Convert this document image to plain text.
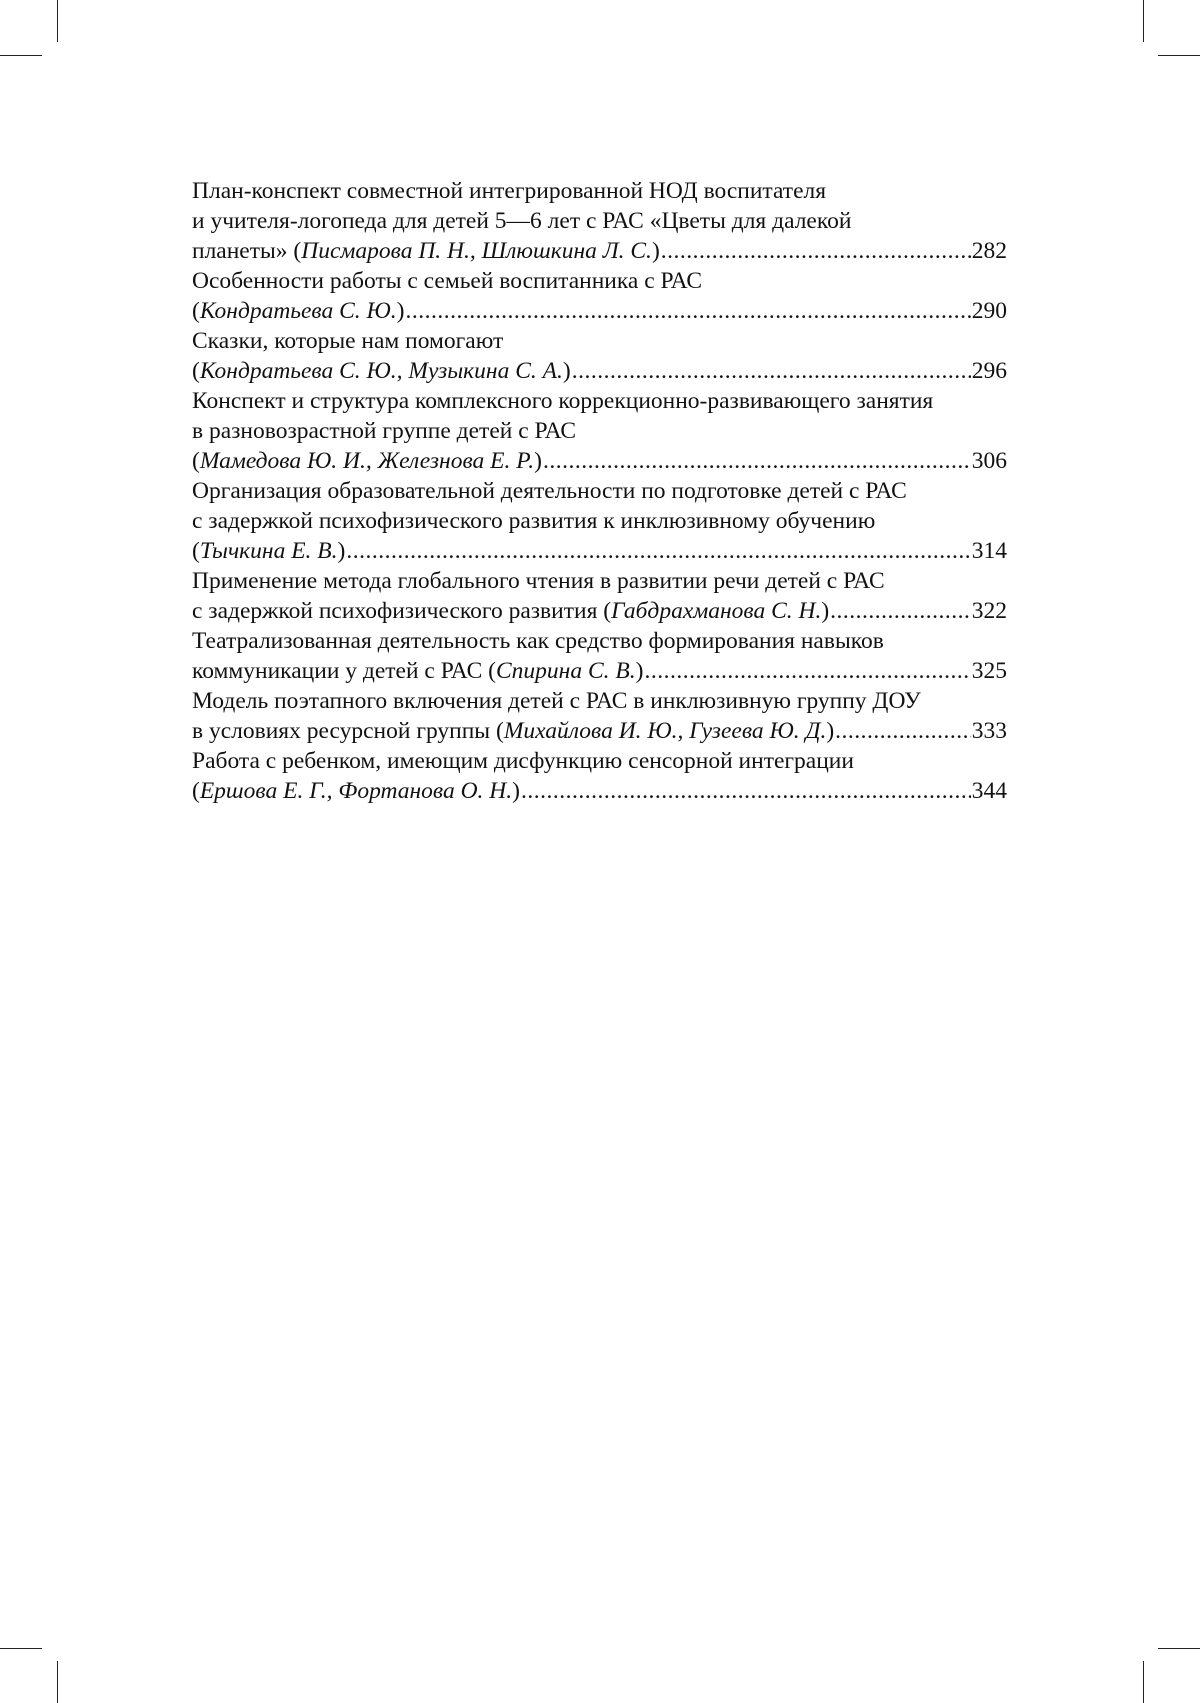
План-конспект совместной интегрированной НОД воспитателя
и учителя-логопеда для детей 5—6 лет с РАС «Цветы для далекой
планеты» (Писмарова П. Н., Шлюшкина Л. С.) .....	282
Особенности работы с семьей воспитанника с РАС
(Кондратьева С. Ю.) .....	290
Сказки, которые нам помогают
(Кондратьева С. Ю., Музыкина С. А.) .....	296
Конспект и структура комплексного коррекционно-развивающего занятия
в разновозрастной группе детей с РАС
(Мамедова Ю. И., Железнова Е. Р.) .....	306
Организация образовательной деятельности по подготовке детей с РАС
с задержкой психофизического развития к инклюзивному обучению
(Тычкина Е. В.) .....	314
Применение метода глобального чтения в развитии речи детей с РАС
с задержкой психофизического развития (Габдрахманова С. Н.) .....	322
Театрализованная деятельность как средство формирования навыков
коммуникации у детей с РАС (Спирина С. В.) .....	325
Модель поэтапного включения детей с РАС в инклюзивную группу ДОУ
в условиях ресурсной группы (Михайлова И. Ю., Гузеева Ю. Д.) .....	333
Работа с ребенком, имеющим дисфункцию сенсорной интеграции
(Ершова Е. Г., Фортанова О. Н.) .....	344
